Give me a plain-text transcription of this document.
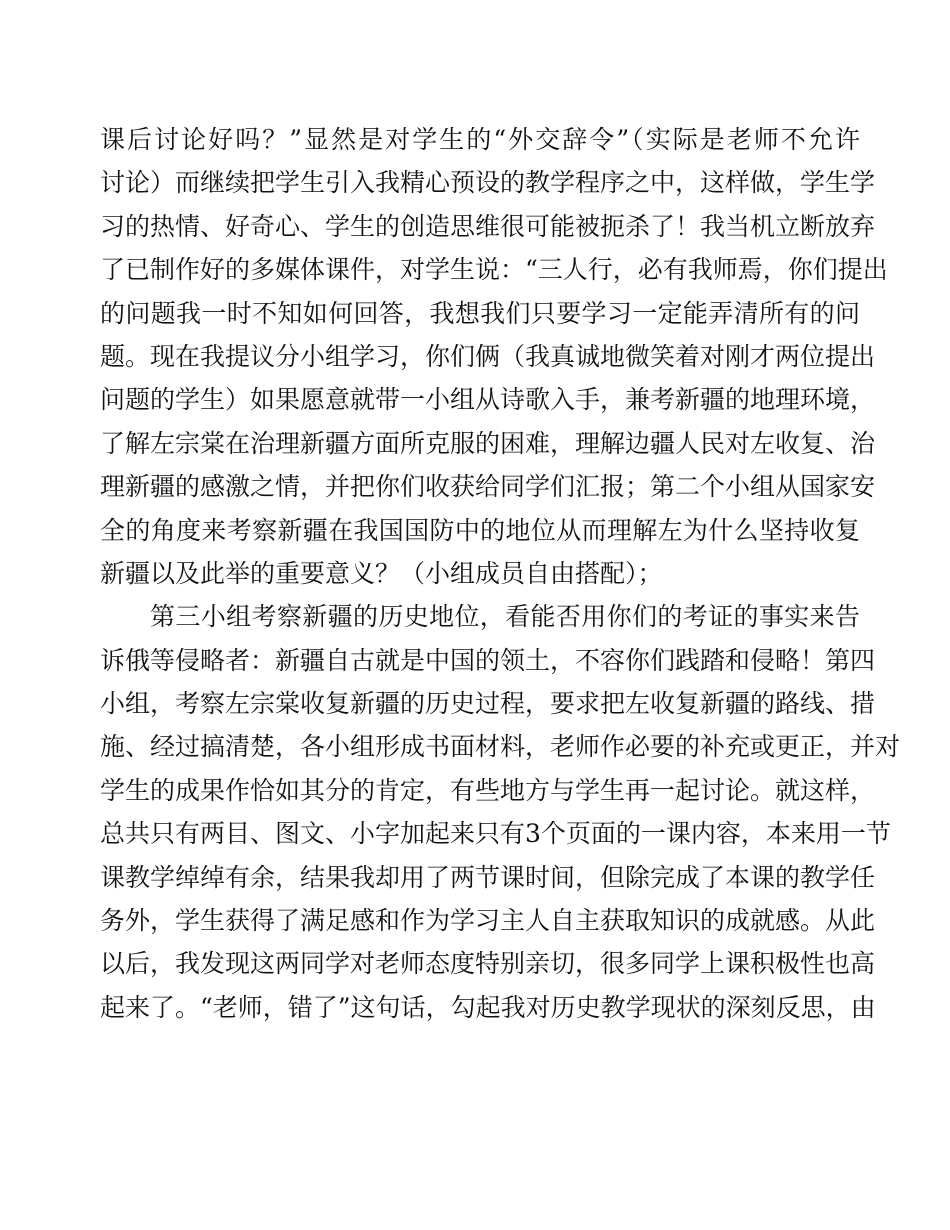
课后讨论好吗？”显然是对学生的“外交辞令”（实际是老师不允许
讨论）而继续把学生引入我精心预设的教学程序之中，这样做，学生学
习的热情、好奇心、学生的创造思维很可能被扼杀了！我当机立断放弃
了已制作好的多媒体课件，对学生说：“三人行，必有我师焉，你们提出
的问题我一时不知如何回答，我想我们只要学习一定能弄清所有的问
题。现在我提议分小组学习，你们俩（我真诚地微笑着对刚才两位提出
问题的学生）如果愿意就带一小组从诗歌入手，兼考新疆的地理环境，
了解左宗棠在治理新疆方面所克服的困难，理解边疆人民对左收复、治
理新疆的感激之情，并把你们收获给同学们汇报；第二个小组从国家安
全的角度来考察新疆在我国国防中的地位从而理解左为什么坚持收复
新疆以及此举的重要意义？（小组成员自由搭配）；
第三小组考察新疆的历史地位，看能否用你们的考证的事实来告
诉俄等侵略者：新疆自古就是中国的领土，不容你们践踏和侵略！第四
小组，考察左宗棠收复新疆的历史过程，要求把左收复新疆的路线、措
施、经过搞清楚，各小组形成书面材料，老师作必要的补充或更正，并对
学生的成果作恰如其分的肯定，有些地方与学生再一起讨论。就这样，
总共只有两目、图文、小字加起来只有3个页面的一课内容，本来用一节
课教学绰绰有余，结果我却用了两节课时间，但除完成了本课的教学任
务外，学生获得了满足感和作为学习主人自主获取知识的成就感。从此
以后，我发现这两同学对老师态度特别亲切，很多同学上课积极性也高
起来了。“老师，错了”这句话，勾起我对历史教学现状的深刻反思，由
